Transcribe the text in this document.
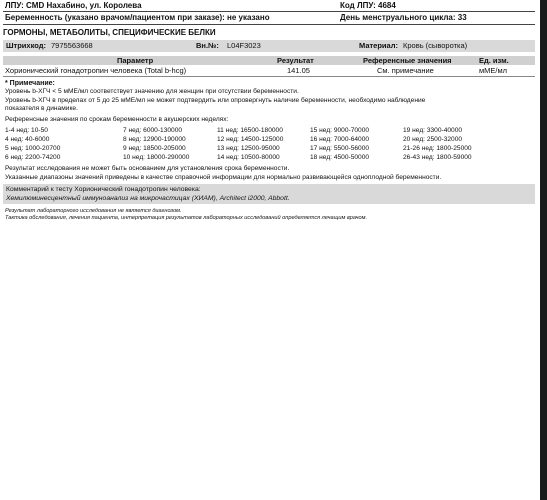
ЛПУ: CMD Нахабино, ул. Королева	Код ЛПУ: 4684
Беременность (указано врачом/пациентом при заказе): не указано	День менструального цикла: 33
ГОРМОНЫ, МЕТАБОЛИТЫ, СПЕЦИФИЧЕСКИЕ БЕЛКИ
Штрихкод: 7975563668	Вн.№: L04F3023	Материал: Кровь (сыворотка)
Параметр	Результат	Референсные значения	Ед. изм.
Хорионический гонадотропин человека (Total b-hcg)	141.05	См. примечание	мМЕ/мл
* Примечание:
Уровень b-ХГЧ < 5 мМЕ/мл соответствует значению для женщин при отсутствии беременности.
Уровень b-ХГЧ в пределах от 5 до 25 мМЕ/мл не может подтвердить или опровергнуть наличие беременности, необходимо наблюдение
показателя в динамике.
Референсные значения по срокам беременности в акушерских неделях:
1-4 нед: 10-50	7 нед: 6000-130000	11 нед: 16500-180000	15 нед: 9000-70000	19 нед: 3300-40000
4 нед: 40-6000	8 нед: 12900-190000	12 нед: 14500-125000	16 нед: 7000-64000	20 нед: 2500-32000
5 нед: 1000-20700	9 нед: 18500-205000	13 нед: 12500-95000	17 нед: 5500-56000	21-26 нед: 1800-25000
6 нед: 2200-74200	10 нед: 18000-290000	14 нед: 10500-80000	18 нед: 4500-50000	26-43 нед: 1800-59000
Результат исследования не может быть основанием для установления срока беременности.
Указанные диапазоны значений приведены в качестве справочной информации для нормально развивающейся одноплодной беременности.
Комментарий к тесту Хорионический гонадотропин человека:
Хемилюминесцентный иммуноанализ на микрочастицах (ХИАМ), Architect i2000, Abbott.
Результат лабораторного исследования не является диагнозом.
Тактика обследования, лечения пациента, интерпретация результатов лабораторных исследований определяется лечащим врачом.
